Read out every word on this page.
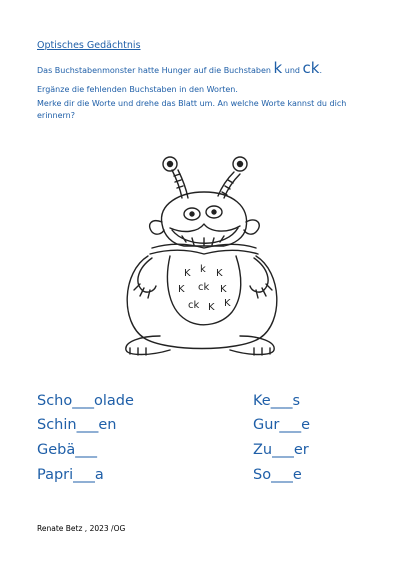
Optisches Gedächtnis
Das Buchstabenmonster hatte Hunger auf die Buchstaben k und ck.
Ergänze die fehlenden Buchstaben in den Worten.
Merke dir die Worte und drehe das Blatt um. An welche Worte kannst du dich erinnern?
K k K
K ck K
ck K K
Scho___olade
Schin___en
Gebä___
Papri___a
Ke___s
Gur___e
Zu___er
So___e
Renate Betz , 2023 /OG
